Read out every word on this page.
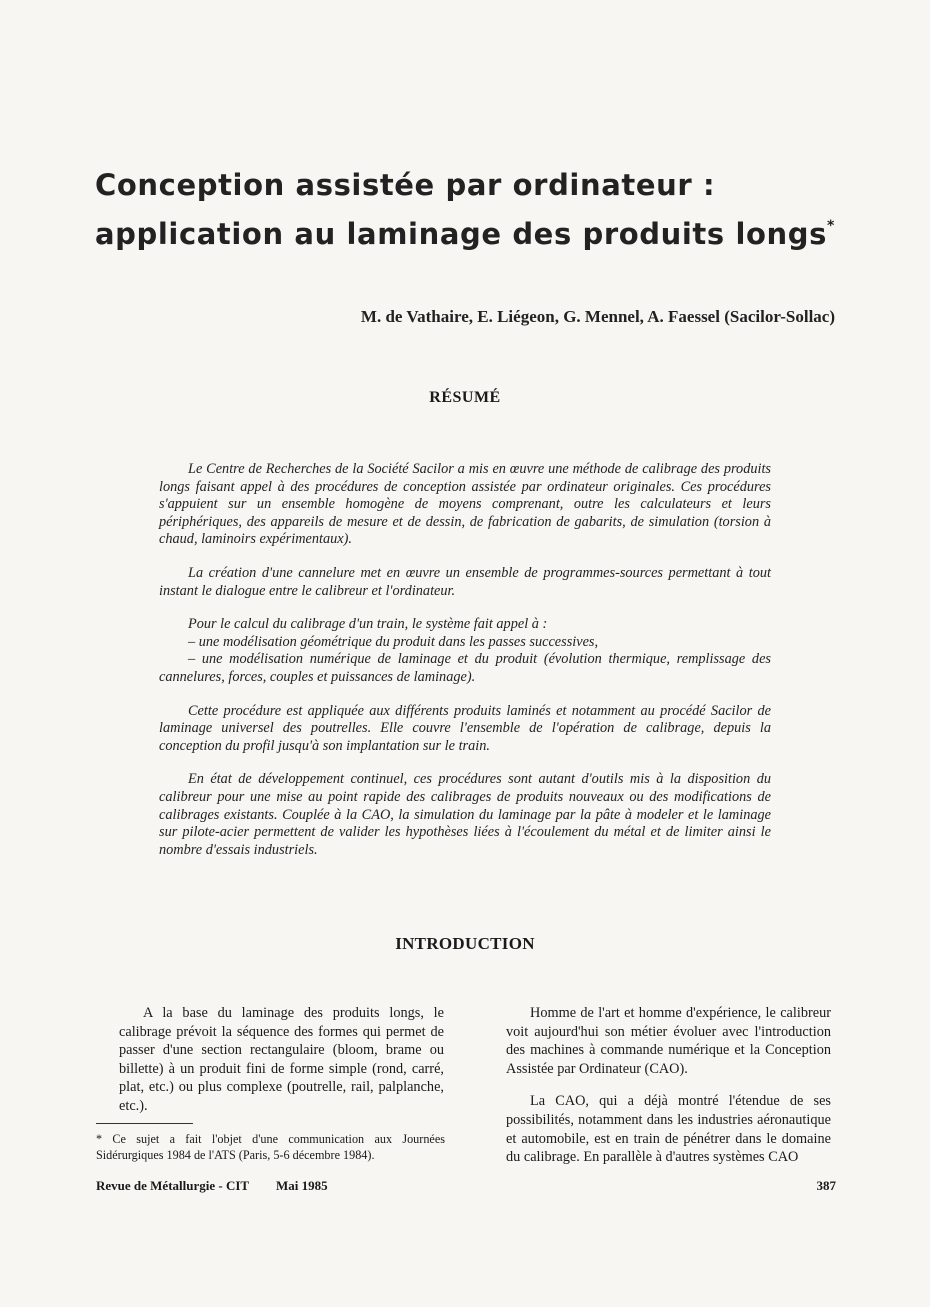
Conception assistée par ordinateur :
application au laminage des produits longs*
M. de Vathaire, E. Liégeon, G. Mennel, A. Faessel (Sacilor-Sollac)
RÉSUMÉ

Le Centre de Recherches de la Société Sacilor a mis en œuvre une méthode de calibrage des produits longs faisant appel à des procédures de conception assistée par ordinateur originales. Ces procédures s'appuient sur un ensemble homogène de moyens comprenant, outre les calculateurs et leurs périphériques, des appareils de mesure et de dessin, de fabrication de gabarits, de simulation (torsion à chaud, laminoirs expérimentaux).

La création d'une cannelure met en œuvre un ensemble de programmes-sources permettant à tout instant le dialogue entre le calibreur et l'ordinateur.

Pour le calcul du calibrage d'un train, le système fait appel à :

– une modélisation géométrique du produit dans les passes successives,
– une modélisation numérique de laminage et du produit (évolution thermique, remplissage des cannelures, forces, couples et puissances de laminage).

Cette procédure est appliquée aux différents produits laminés et notamment au procédé Sacilor de laminage universel des poutrelles. Elle couvre l'ensemble de l'opération de calibrage, depuis la conception du profil jusqu'à son implantation sur le train.

En état de développement continuel, ces procédures sont autant d'outils mis à la disposition du calibreur pour une mise au point rapide des calibrages de produits nouveaux ou des modifications de calibrages existants. Couplée à la CAO, la simulation du laminage par la pâte à modeler et le laminage sur pilote-acier permettent de valider les hypothèses liées à l'écoulement du métal et de limiter ainsi le nombre d'essais industriels.

INTRODUCTION

A la base du laminage des produits longs, le calibrage prévoit la séquence des formes qui permet de passer d'une section rectangulaire (bloom, brame ou billette) à un produit fini de forme simple (rond, carré, plat, etc.) ou plus complexe (poutrelle, rail, palplanche, etc.).

Homme de l'art et homme d'expérience, le calibreur voit aujourd'hui son métier évoluer avec l'introduction des machines à commande numérique et la Conception Assistée par Ordinateur (CAO).

La CAO, qui a déjà montré l'étendue de ses possibilités, notamment dans les industries aéronautique et automobile, est en train de pénétrer dans le domaine du calibrage. En parallèle à d'autres systèmes CAO

* Ce sujet a fait l'objet d'une communication aux Journées Sidérurgiques 1984 de l'ATS (Paris, 5-6 décembre 1984).
Revue de Métallurgie - CIT Mai 1985	387
